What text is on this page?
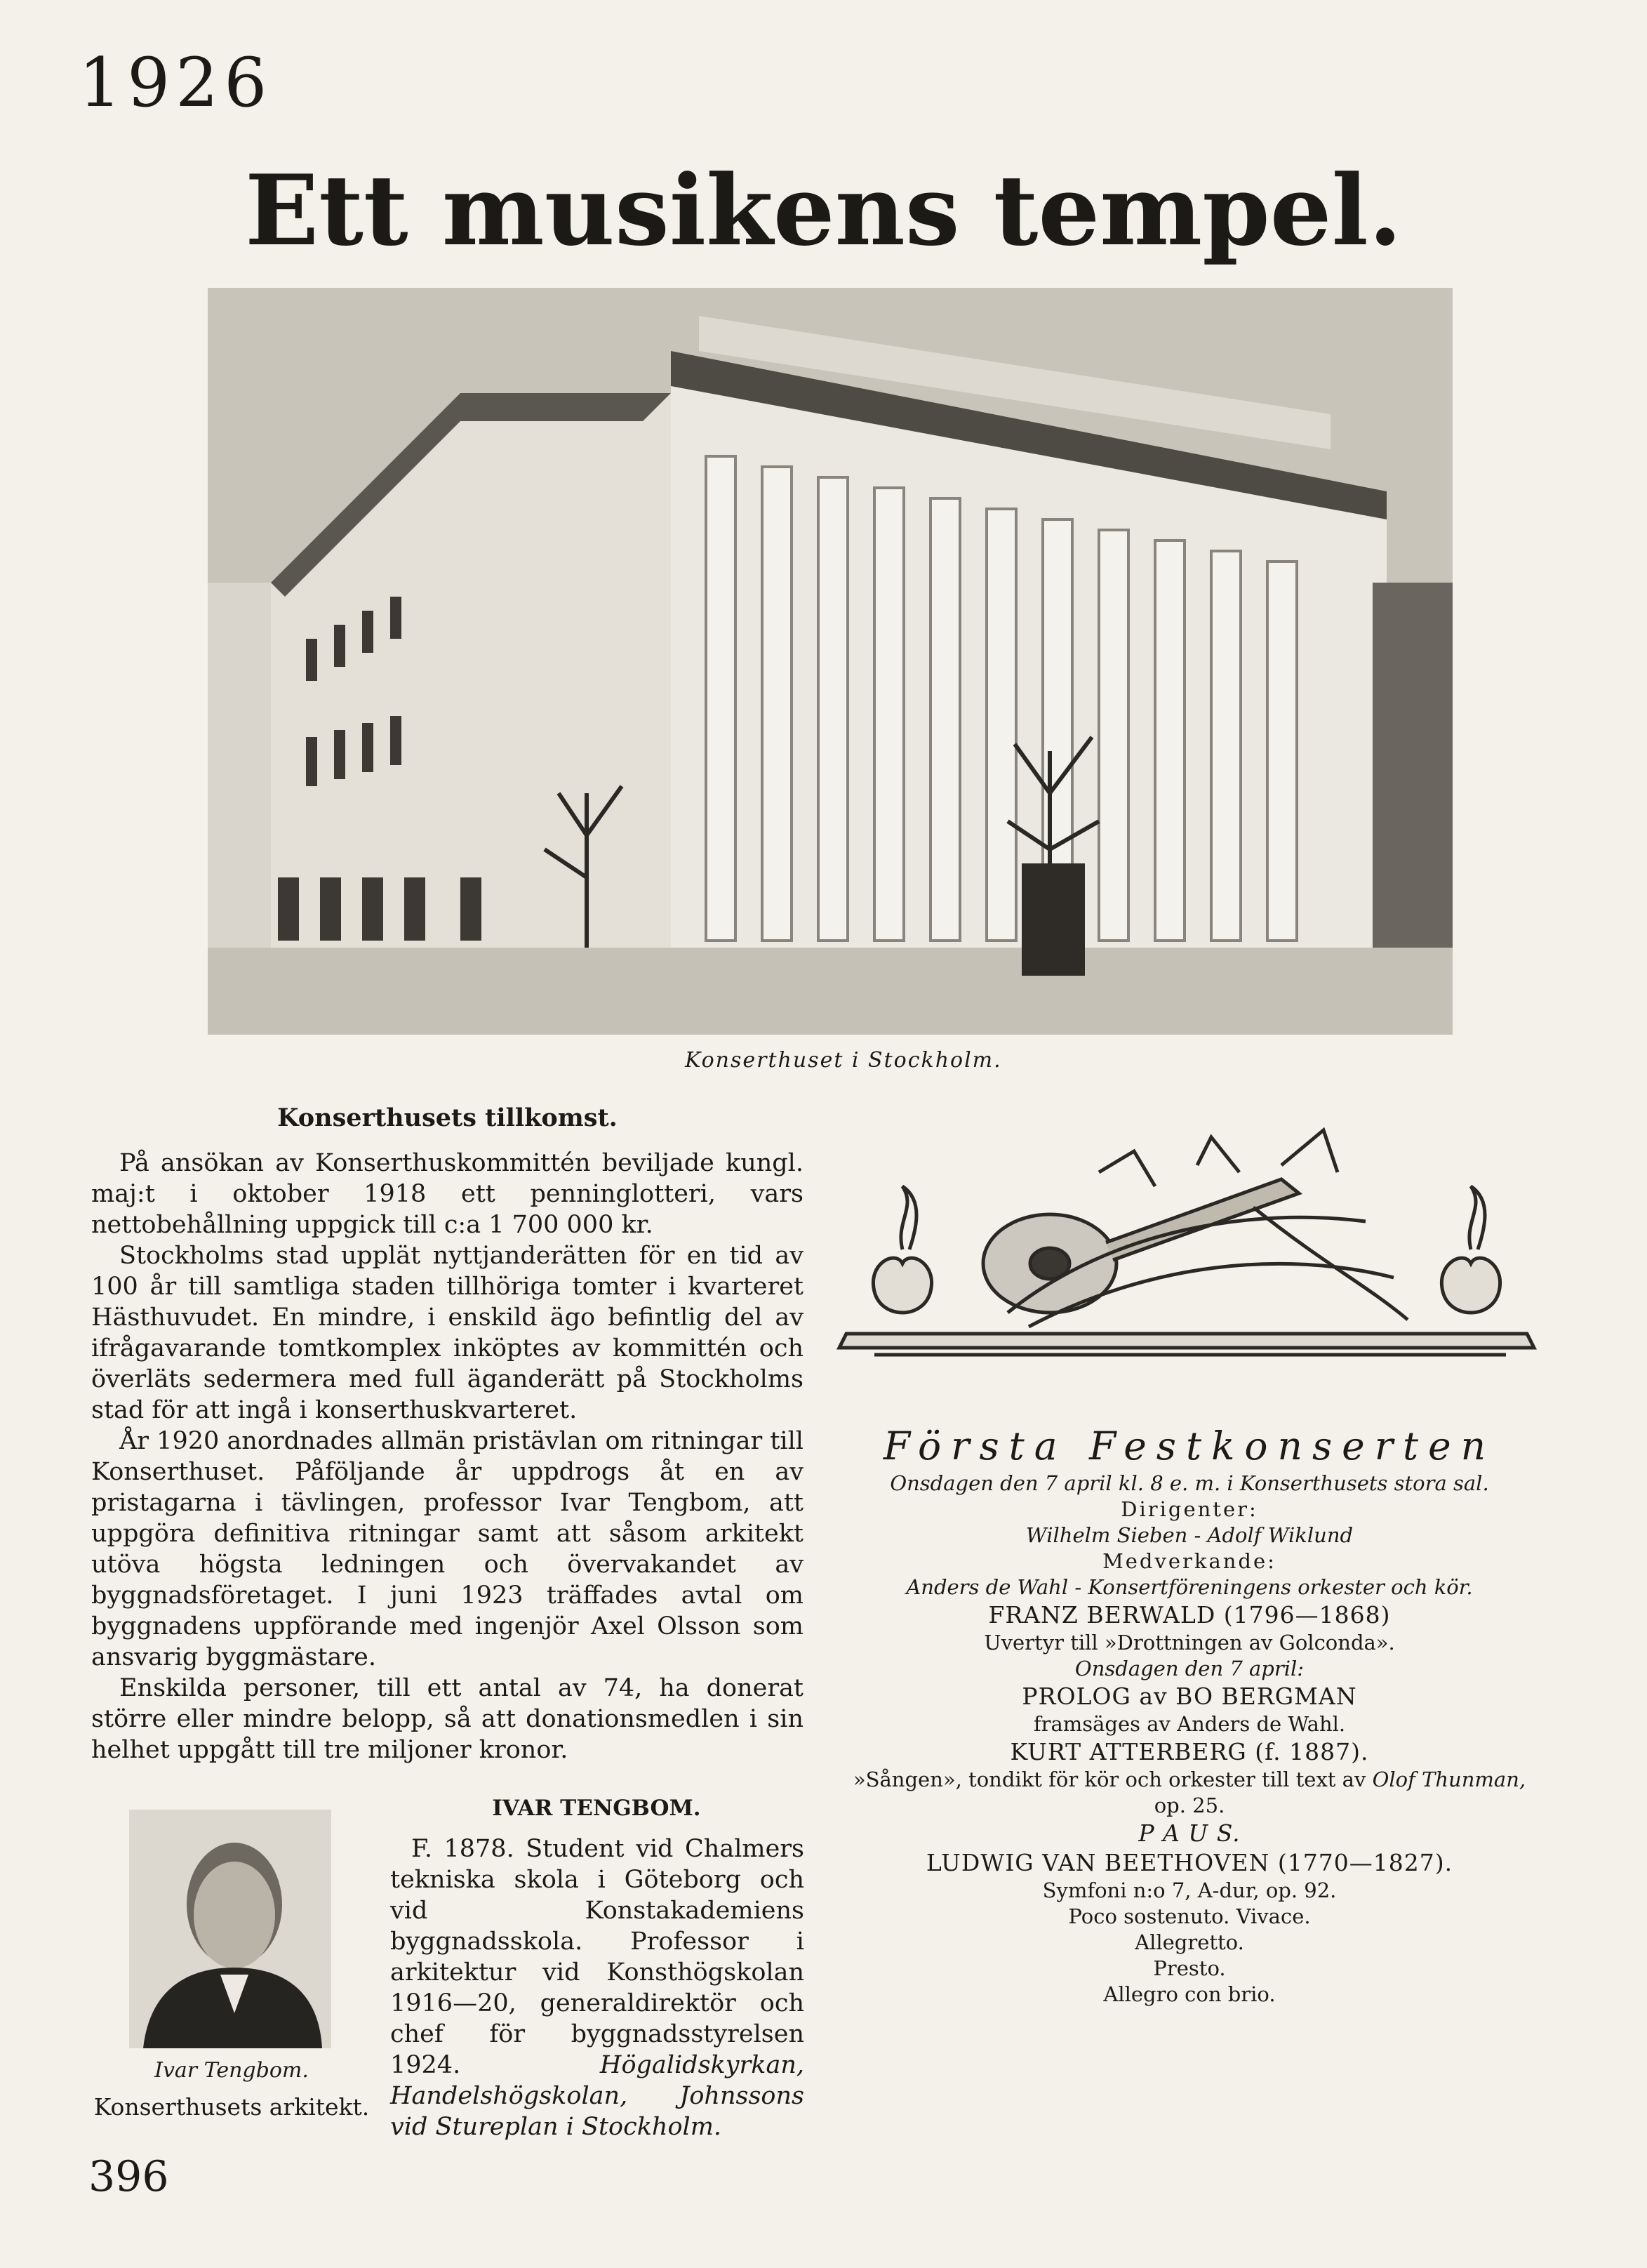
1926
Ett musikens tempel.
Konserthuset i Stockholm.
Konserthusets tillkomst.

På ansökan av Konserthuskommittén beviljade kungl. maj:t i oktober 1918 ett penninglotteri, vars nettobehållning uppgick till c:a 1 700 000 kr.

Stockholms stad upplät nyttjanderätten för en tid av 100 år till samtliga staden tillhöriga tomter i kvarteret Hästhuvudet. En mindre, i enskild ägo befintlig del av ifrågavarande tomtkomplex inköptes av kommittén och överläts sedermera med full äganderätt på Stockholms stad för att ingå i konserthuskvarteret.

År 1920 anordnades allmän pristävlan om ritningar till Konserthuset. Påföljande år uppdrogs åt en av pristagarna i tävlingen, professor Ivar Tengbom, att uppgöra definitiva ritningar samt att såsom arkitekt utöva högsta ledningen och övervakandet av byggnadsföretaget. I juni 1923 träffades avtal om byggnadens uppförande med ingenjör Axel Olsson som ansvarig byggmästare.

Enskilda personer, till ett antal av 74, ha donerat större eller mindre belopp, så att donationsmedlen i sin helhet uppgått till tre miljoner kronor.

Ivar Tengbom.
Konserthusets arkitekt.
IVAR TENGBOM.
F. 1878. Student vid Chalmers tekniska skola i Göteborg och vid Konstakademiens byggnadsskola. Professor i arkitektur vid Konsthögskolan 1916—20, generaldirektör och chef för byggnadsstyrelsen 1924. Högalidskyrkan, Handelshögskolan, Johnssons vid Stureplan i Stockholm.
Första Festkonserten
Onsdagen den 7 april kl. 8 e. m. i Konserthusets stora sal.
Dirigenter:
Wilhelm Sieben - Adolf Wiklund
Medverkande:
Anders de Wahl - Konsertföreningens orkester och kör.
FRANZ BERWALD (1796—1868)
Uvertyr till »Drottningen av Golconda».
Onsdagen den 7 april:
PROLOG av BO BERGMAN
framsäges av Anders de Wahl.
KURT ATTERBERG (f. 1887).
»Sången», tondikt för kör och orkester till text av Olof Thunman,
op. 25.
P A U S.
LUDWIG VAN BEETHOVEN (1770—1827).
Symfoni n:o 7, A-dur, op. 92.
Poco sostenuto. Vivace.
Allegretto.
Presto.
Allegro con brio.
396
